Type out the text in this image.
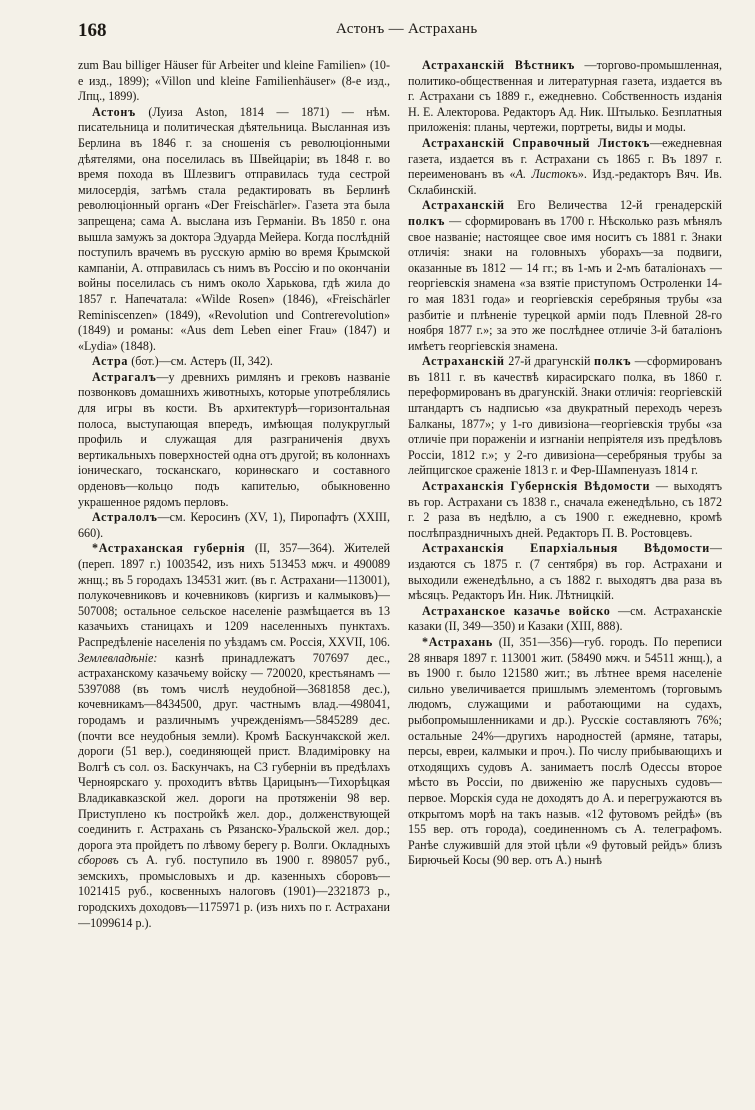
168	Астонъ — Астрахань

zum Bau billiger Häuser für Arbeiter und kleine Familien» (10-е изд., 1899); «Villon und kleine Familienhäuser» (8-е изд., Лпц., 1899).

Астонъ (Луиза Aston, 1814 — 1871) — нѣм. писательница и политическая дѣятельница. Высланная изъ Берлина въ 1846 г. за сношенія съ революціонными дѣятелями, она поселилась въ Швейцаріи; въ 1848 г. во время похода въ Шлезвигъ отправилась туда сестрой милосердія, затѣмъ стала редактировать въ Берлинѣ революціонный органъ «Der Freischärler». Газета эта была запрещена; сама А. выслана изъ Германіи. Въ 1850 г. она вышла замужъ за доктора Эдуарда Мейера. Когда послѣдній поступилъ врачемъ въ русскую армію во время Крымской кампаніи, А. отправилась съ нимъ въ Россію и по окончаніи войны поселилась съ нимъ около Харькова, гдѣ жила до 1857 г. Напечатала: «Wilde Rosen» (1846), «Freischärler Reminiscenzen» (1849), «Revolution und Contrerevolution» (1849) и романы: «Aus dem Leben einer Frau» (1847) и «Lydia» (1848).

Астра (бот.)—см. Астеръ (II, 342).

Астрагалъ—у древнихъ римлянъ и грековъ названіе позвонковъ домашнихъ животныхъ, которые употреблялись для игры въ кости. Въ архитектурѣ—горизонтальная полоса, выступающая впередъ, имѣющая полукруглый профиль и служащая для разграниченія двухъ вертикальныхъ поверхностей одна отъ другой; въ колоннахъ іоническаго, тосканскаго, коринѳскаго и составного орденовъ—кольцо подъ капителью, обыкновенно украшенное рядомъ перловъ.

Астралолъ—см. Керосинъ (XV, 1), Пиропафтъ (XXIII, 660).

*Астраханская губернія (II, 357—364). Жителей (переп. 1897 г.) 1003542, изъ нихъ 513453 мжч. и 490089 жнщ.; въ 5 городахъ 134531 жит. (въ г. Астрахани—113001), полукочевниковъ и кочевниковъ (киргизъ и калмыковъ)—507008; остальное сельское населеніе размѣщается въ 13 казачьихъ станицахъ и 1209 населенныхъ пунктахъ. Распредѣленіе населенія по уѣздамъ см. Россія, XXVII, 106. Землевладѣніе: казнѣ принадлежатъ 707697 дес., астраханскому казачьему войску — 720020, крестьянамъ — 5397088 (въ томъ числѣ неудобной—3681858 дес.), кочевникамъ—8434500, друг. частнымъ влад.—498041, городамъ и различнымъ учрежденіямъ—5845289 дес. (почти все неудобныя земли). Кромѣ Баскунчакской жел. дороги (51 вер.), соединяющей прист. Владиміровку на Волгѣ съ сол. оз. Баскунчакъ, на СЗ губерніи въ предѣлахъ Черноярскаго у. проходитъ вѣтвь Царицынъ—Тихорѣцкая Владикавказской жел. дороги на протяженіи 98 вер. Приступлено къ постройкѣ жел. дор., долженствующей соединить г. Астрахань съ Рязанско-Уральской жел. дор.; дорога эта пройдетъ по лѣвому берегу р. Волги. Окладныхъ сборовъ съ А. губ. поступило въ 1900 г. 898057 руб., земскихъ, промысловыхъ и др. казенныхъ сборовъ—1021415 руб., косвенныхъ налоговъ (1901)—2321873 р., городскихъ доходовъ—1175971 р. (изъ нихъ по г. Астрахани —1099614 р.).

Астраханскій Вѣстникъ —торгово-промышленная, политико-общественная и литературная газета, издается въ г. Астрахани съ 1889 г., ежедневно. Собственность изданія Н. Е. Алекторова. Редакторъ Ад. Ник. Штылько. Безплатныя приложенія: планы, чертежи, портреты, виды и моды.

Астраханскій Справочный Листокъ—ежедневная газета, издается въ г. Астрахани съ 1865 г. Въ 1897 г. переименованъ въ «А. Листокъ». Изд.-редакторъ Вяч. Ив. Склабинскій.

Астраханскій Его Величества 12-й гренадерскій полкъ — сформированъ въ 1700 г. Нѣсколько разъ мѣнялъ свое названіе; настоящее свое имя носитъ съ 1881 г. Знаки отличія: знаки на головныхъ уборахъ—за подвиги, оказанные въ 1812 — 14 гг.; въ 1-мъ и 2-мъ баталіонахъ — георгіевскія знамена «за взятіе приступомъ Остроленки 14-го мая 1831 года» и георгіевскія серебряныя трубы «за разбитіе и плѣненіе турецкой арміи подъ Плевной 28-го ноября 1877 г.»; за это же послѣднее отличіе 3-й баталіонъ имѣетъ георгіевскія знамена.

Астраханскій 27-й драгунскій полкъ —сформированъ въ 1811 г. въ качествѣ кирасирскаго полка, въ 1860 г. переформированъ въ драгунскій. Знаки отличія: георгіевскій штандартъ съ надписью «за двукратный переходъ черезъ Балканы, 1877»; у 1-го дивизіона—георгіевскія трубы «за отличіе при пораженіи и изгнаніи непріятеля изъ предѣловъ Россіи, 1812 г.»; у 2-го дивизіона—серебряныя трубы за лейпцигское сраженіе 1813 г. и Фер-Шампенуазъ 1814 г.

Астраханскія Губернскія Вѣдомости — выходятъ въ гор. Астрахани съ 1838 г., сначала еженедѣльно, съ 1872 г. 2 раза въ недѣлю, а съ 1900 г. ежедневно, кромѣ послѣпраздничныхъ дней. Редакторъ П. В. Ростовцевъ.

Астраханскія Епархіальныя Вѣдомости—издаются съ 1875 г. (7 сентября) въ гор. Астрахани и выходили еженедѣльно, а съ 1882 г. выходятъ два раза въ мѣсяцъ. Редакторъ Ин. Ник. Лѣтницкій.

Астраханское казачье войско —см. Астраханскіе казаки (II, 349—350) и Казаки (XIII, 888).

*Астрахань (II, 351—356)—губ. городъ. По переписи 28 января 1897 г. 113001 жит. (58490 мжч. и 54511 жнщ.), а въ 1900 г. было 121580 жит.; въ лѣтнее время населеніе сильно увеличивается пришлымъ элементомъ (торговымъ людомъ, служащими и работающими на судахъ, рыбопромышленниками и др.). Русскіе составляютъ 76%; остальные 24%—другихъ народностей (армяне, татары, персы, евреи, калмыки и проч.). По числу прибывающихъ и отходящихъ судовъ А. занимаетъ послѣ Одессы второе мѣсто въ Россіи, по движенію же парусныхъ судовъ—первое. Морскія суда не доходятъ до А. и перегружаются въ открытомъ морѣ на такъ назыв. «12 футовомъ рейдѣ» (въ 155 вер. отъ города), соединенномъ съ А. телеграфомъ. Ранѣе служившій для этой цѣли «9 футовый рейдъ» близъ Бирючьей Косы (90 вер. отъ А.) нынѣ
